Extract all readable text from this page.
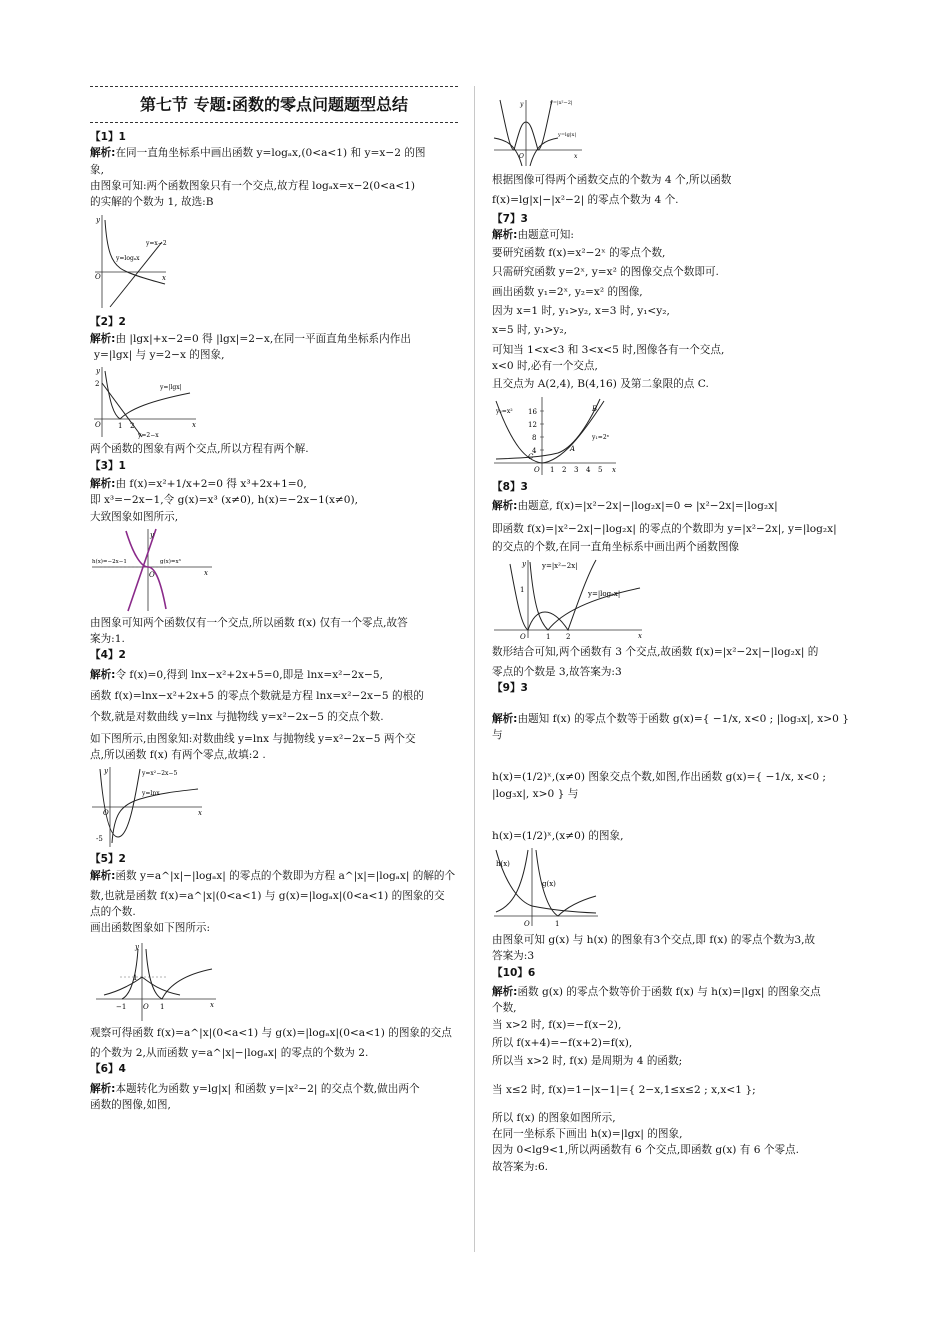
第七节 专题:函数的零点问题题型总结

【1】1

解析:在同一直角坐标系中画出函数 y=logₐx,(0<a<1) 和 y=x−2 的图

象,

由图象可知:两个函数图象只有一个交点,故方程 logₐx=x−2(0<a<1)

的实解的个数为 1, 故选:B

y
x
O
y=logₐx
y=x−2

【2】2

解析:由 |lgx|+x−2=0 得 |lgx|=2−x,在同一平面直角坐标系内作出

y=|lgx| 与 y=2−x 的图象,

y
x
O 1 2
2	y=|lgx|
y=2−x

两个函数的图象有两个交点,所以方程有两个解.

【3】1

解析:由 f(x)=x²+1/x+2=0 得 x³+2x+1=0,

即 x³=−2x−1,令 g(x)=x³ (x≠0), h(x)=−2x−1(x≠0),

大致图象如图所示,

h(x)=−2x−1	g(x)=x³
y
x
O

由图象可知两个函数仅有一个交点,所以函数 f(x) 仅有一个零点,故答

案为:1.

【4】2

解析:令 f(x)=0,得到 lnx−x²+2x+5=0,即是 lnx=x²−2x−5,

函数 f(x)=lnx−x²+2x+5 的零点个数就是方程 lnx=x²−2x−5 的根的

个数,就是对数曲线 y=lnx 与抛物线 y=x²−2x−5 的交点个数.

如下图所示,由图象知:对数曲线 y=lnx 与抛物线 y=x²−2x−5 两个交

点,所以函数 f(x) 有两个零点,故填:2 .

y
x
O
-5
y=x²−2x−5
y=lnx

【5】2

解析:函数 y=a^|x|−|logₐx| 的零点的个数即为方程 a^|x|=|logₐx| 的解的个

数,也就是函数 f(x)=a^|x|(0<a<1) 与 g(x)=|logₐx|(0<a<1) 的图象的交

点的个数.

画出函数图象如下图所示:

y
x
O
1
−1	1

观察可得函数 f(x)=a^|x|(0<a<1) 与 g(x)=|logₐx|(0<a<1) 的图象的交点

的个数为 2,从而函数 y=a^|x|−|logₐx| 的零点的个数为 2.

【6】4

解析:本题转化为函数 y=lg|x| 和函数 y=|x²−2| 的交点个数,做出两个

函数的图像,如图,

y
x
O
y=|x²−2|
y=lg|x|

根据图像可得两个函数交点的个数为 4 个,所以函数

f(x)=lg|x|−|x²−2| 的零点个数为 4 个.

【7】3

解析:由题意可知:

要研究函数 f(x)=x²−2ˣ 的零点个数,

只需研究函数 y=2ˣ, y=x² 的图像交点个数即可.

画出函数 y₁=2ˣ, y₂=x² 的图像,

因为 x=1 时, y₁>y₂, x=3 时, y₁<y₂,

x=5 时, y₁>y₂,

可知当 1<x<3 和 3<x<5 时,图像各有一个交点,

x<0 时,必有一个交点,

且交点为 A(2,4), B(4,16) 及第二象限的点 C.

y₂=x²
y₁=2ˣ
B
A
C
O	x
16
12
8
4
1 2 3 4 5

【8】3

解析:由题意, f(x)=|x²−2x|−|log₂x|=0 ⇔ |x²−2x|=|log₂x|

即函数 f(x)=|x²−2x|−|log₂x| 的零点的个数即为 y=|x²−2x|, y=|log₂x|

的交点的个数,在同一直角坐标系中画出两个函数图像

y
x
O	1 2
1
y=|x²−2x|
y=|log₂x|

数形结合可知,两个函数有 3 个交点,故函数 f(x)=|x²−2x|−|log₂x| 的

零点的个数是 3,故答案为:3

【9】3

解析:由题知 f(x) 的零点个数等于函数 g(x)={ −1/x, x<0 ; |log₃x|, x>0 } 与

h(x)=(1/2)ˣ,(x≠0) 图象交点个数,如图,作出函数 g(x)={ −1/x, x<0 ; |log₃x|, x>0 } 与

h(x)=(1/2)ˣ,(x≠0) 的图象,

h(x)
g(x)
O	1

由图象可知 g(x) 与 h(x) 的图象有3个交点,即 f(x) 的零点个数为3,故

答案为:3

【10】6

解析:函数 g(x) 的零点个数等价于函数 f(x) 与 h(x)=|lgx| 的图象交点

个数,

当 x>2 时, f(x)=−f(x−2),

所以 f(x+4)=−f(x+2)=f(x),

所以当 x>2 时, f(x) 是周期为 4 的函数;

当 x≤2 时, f(x)=1−|x−1|={ 2−x,1≤x≤2 ; x,x<1 };

所以 f(x) 的图象如图所示,

在同一坐标系下画出 h(x)=|lgx| 的图象,

因为 0<lg9<1,所以两函数有 6 个交点,即函数 g(x) 有 6 个零点.

故答案为:6.
